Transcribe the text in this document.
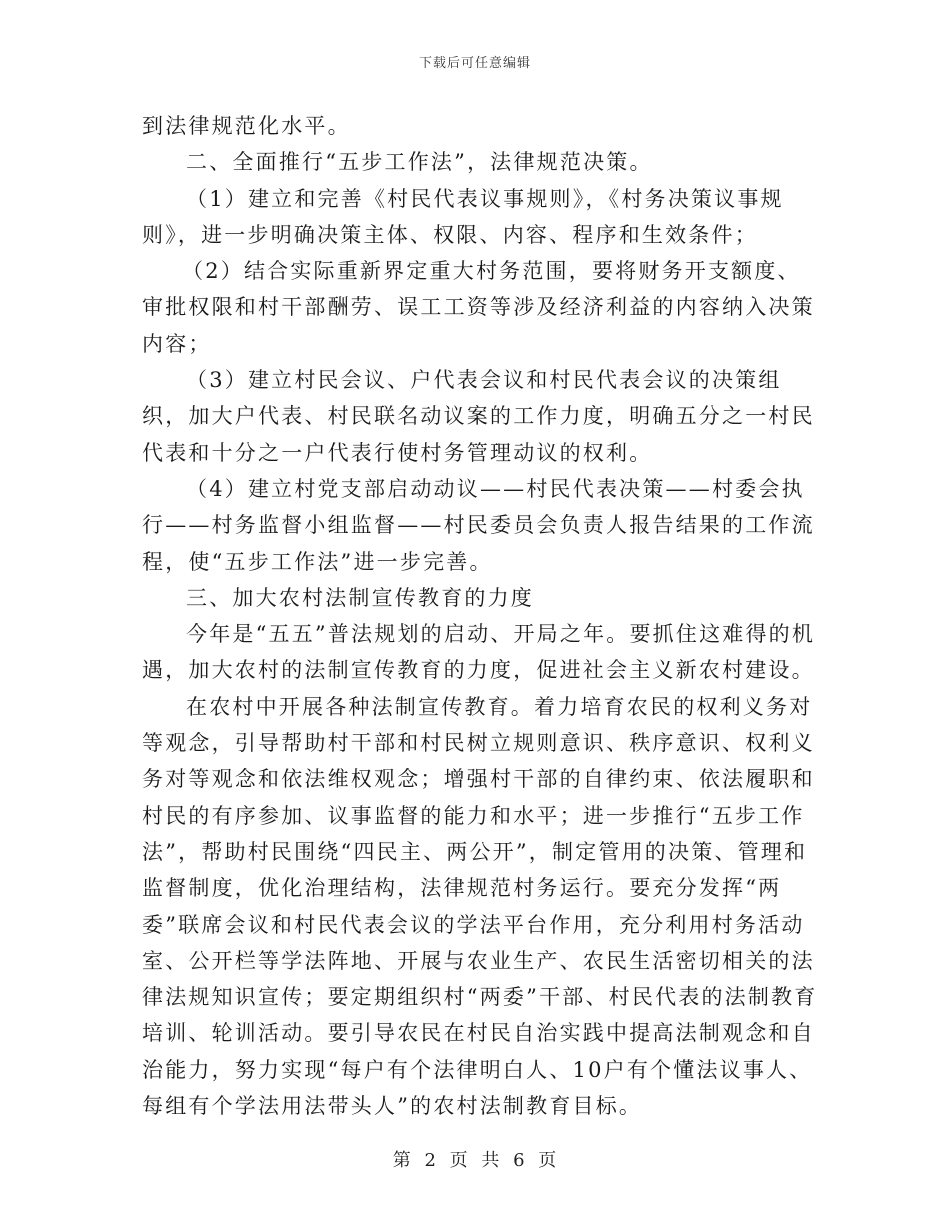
下载后可任意编辑

到法律规范化水平。

二、全面推行“五步工作法”，法律规范决策。

（1）建立和完善《村民代表议事规则》，《村务决策议事规则》，进一步明确决策主体、权限、内容、程序和生效条件；

（2）结合实际重新界定重大村务范围，要将财务开支额度、审批权限和村干部酬劳、误工工资等涉及经济利益的内容纳入决策内容；

（3）建立村民会议、户代表会议和村民代表会议的决策组织，加大户代表、村民联名动议案的工作力度，明确五分之一村民代表和十分之一户代表行使村务管理动议的权利。

（4）建立村党支部启动动议——村民代表决策——村委会执行——村务监督小组监督——村民委员会负责人报告结果的工作流程，使“五步工作法”进一步完善。

三、加大农村法制宣传教育的力度

今年是“五五”普法规划的启动、开局之年。要抓住这难得的机遇，加大农村的法制宣传教育的力度，促进社会主义新农村建设。

在农村中开展各种法制宣传教育。着力培育农民的权利义务对等观念，引导帮助村干部和村民树立规则意识、秩序意识、权利义务对等观念和依法维权观念；增强村干部的自律约束、依法履职和村民的有序参加、议事监督的能力和水平；进一步推行“五步工作法”，帮助村民围绕“四民主、两公开”，制定管用的决策、管理和监督制度，优化治理结构，法律规范村务运行。要充分发挥“两委”联席会议和村民代表会议的学法平台作用，充分利用村务活动室、公开栏等学法阵地、开展与农业生产、农民生活密切相关的法律法规知识宣传；要定期组织村“两委”干部、村民代表的法制教育培训、轮训活动。要引导农民在村民自治实践中提高法制观念和自治能力，努力实现“每户有个法律明白人、10户有个懂法议事人、每组有个学法用法带头人”的农村法制教育目标。

第 2 页 共 6 页
